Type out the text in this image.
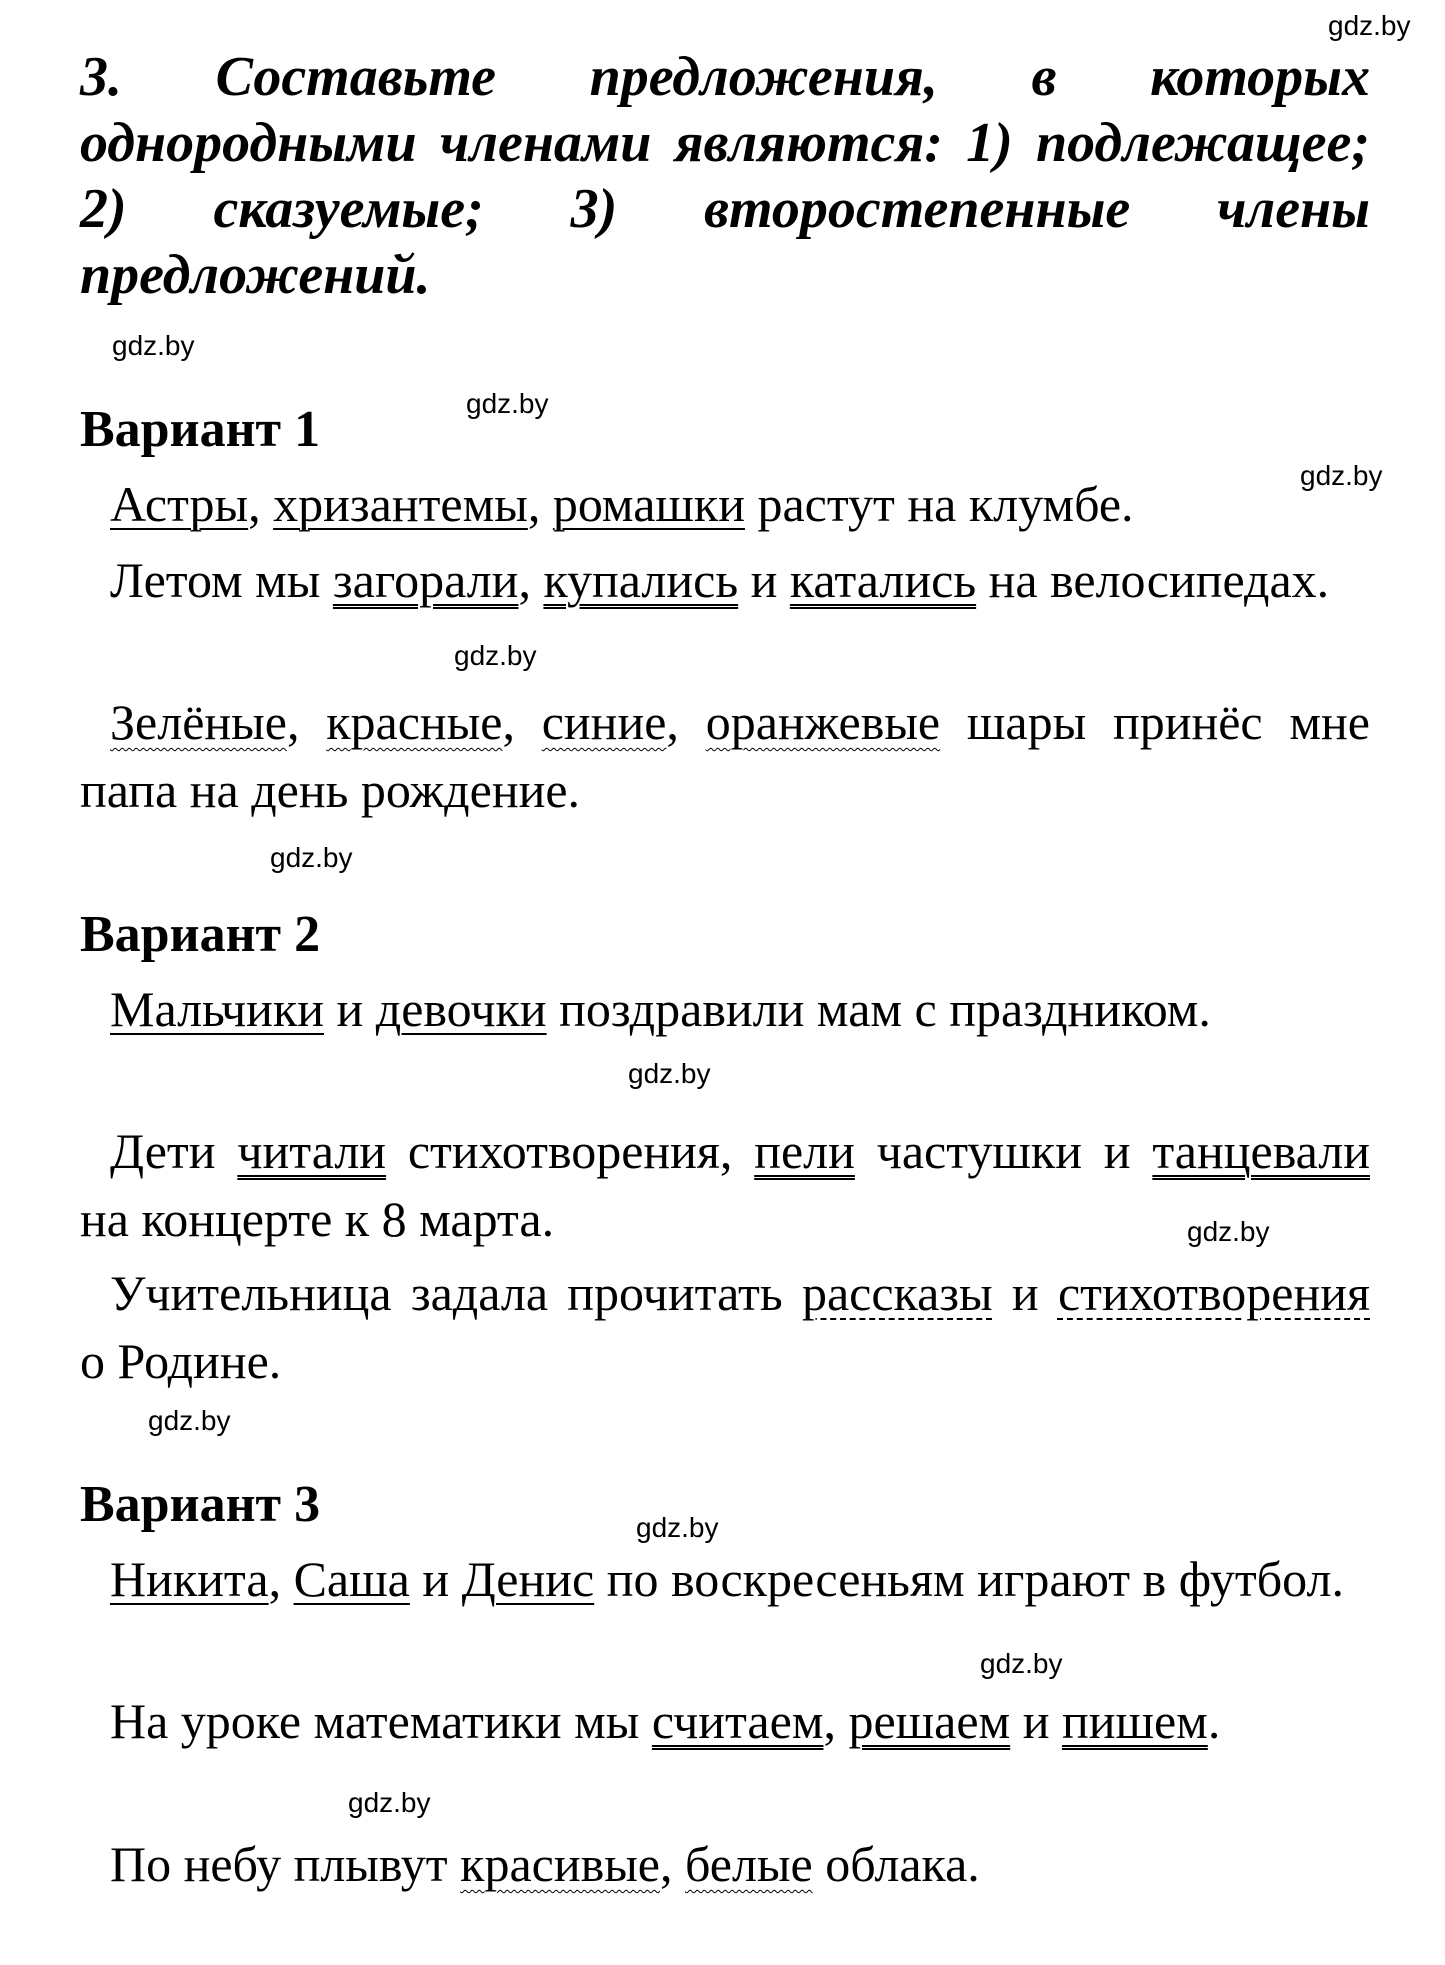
gdz.by
gdz.by
gdz.by
gdz.by
gdz.by
gdz.by
gdz.by
gdz.by
gdz.by
gdz.by
gdz.by
gdz.by
3. Составьте предложения, в которых однородными членами являются: 1) подлежащее; 2) сказуемые; 3) второстепенные члены предложений.
Вариант 1
Астры, хризантемы, ромашки растут на клумбе.
Летом мы загорали, купались и катались на велосипедах.
Зелёные, красные, синие, оранжевые шары принёс мне папа на день рождение.
Вариант 2
Мальчики и девочки поздравили мам с праздником.
Дети читали стихотворения, пели частушки и танцевали на концерте к 8 марта.
Учительница задала прочитать рассказы и стихотворения о Родине.
Вариант 3
Никита, Саша и Денис по воскресеньям играют в футбол.
На уроке математики мы считаем, решаем и пишем.
По небу плывут красивые, белые облака.
